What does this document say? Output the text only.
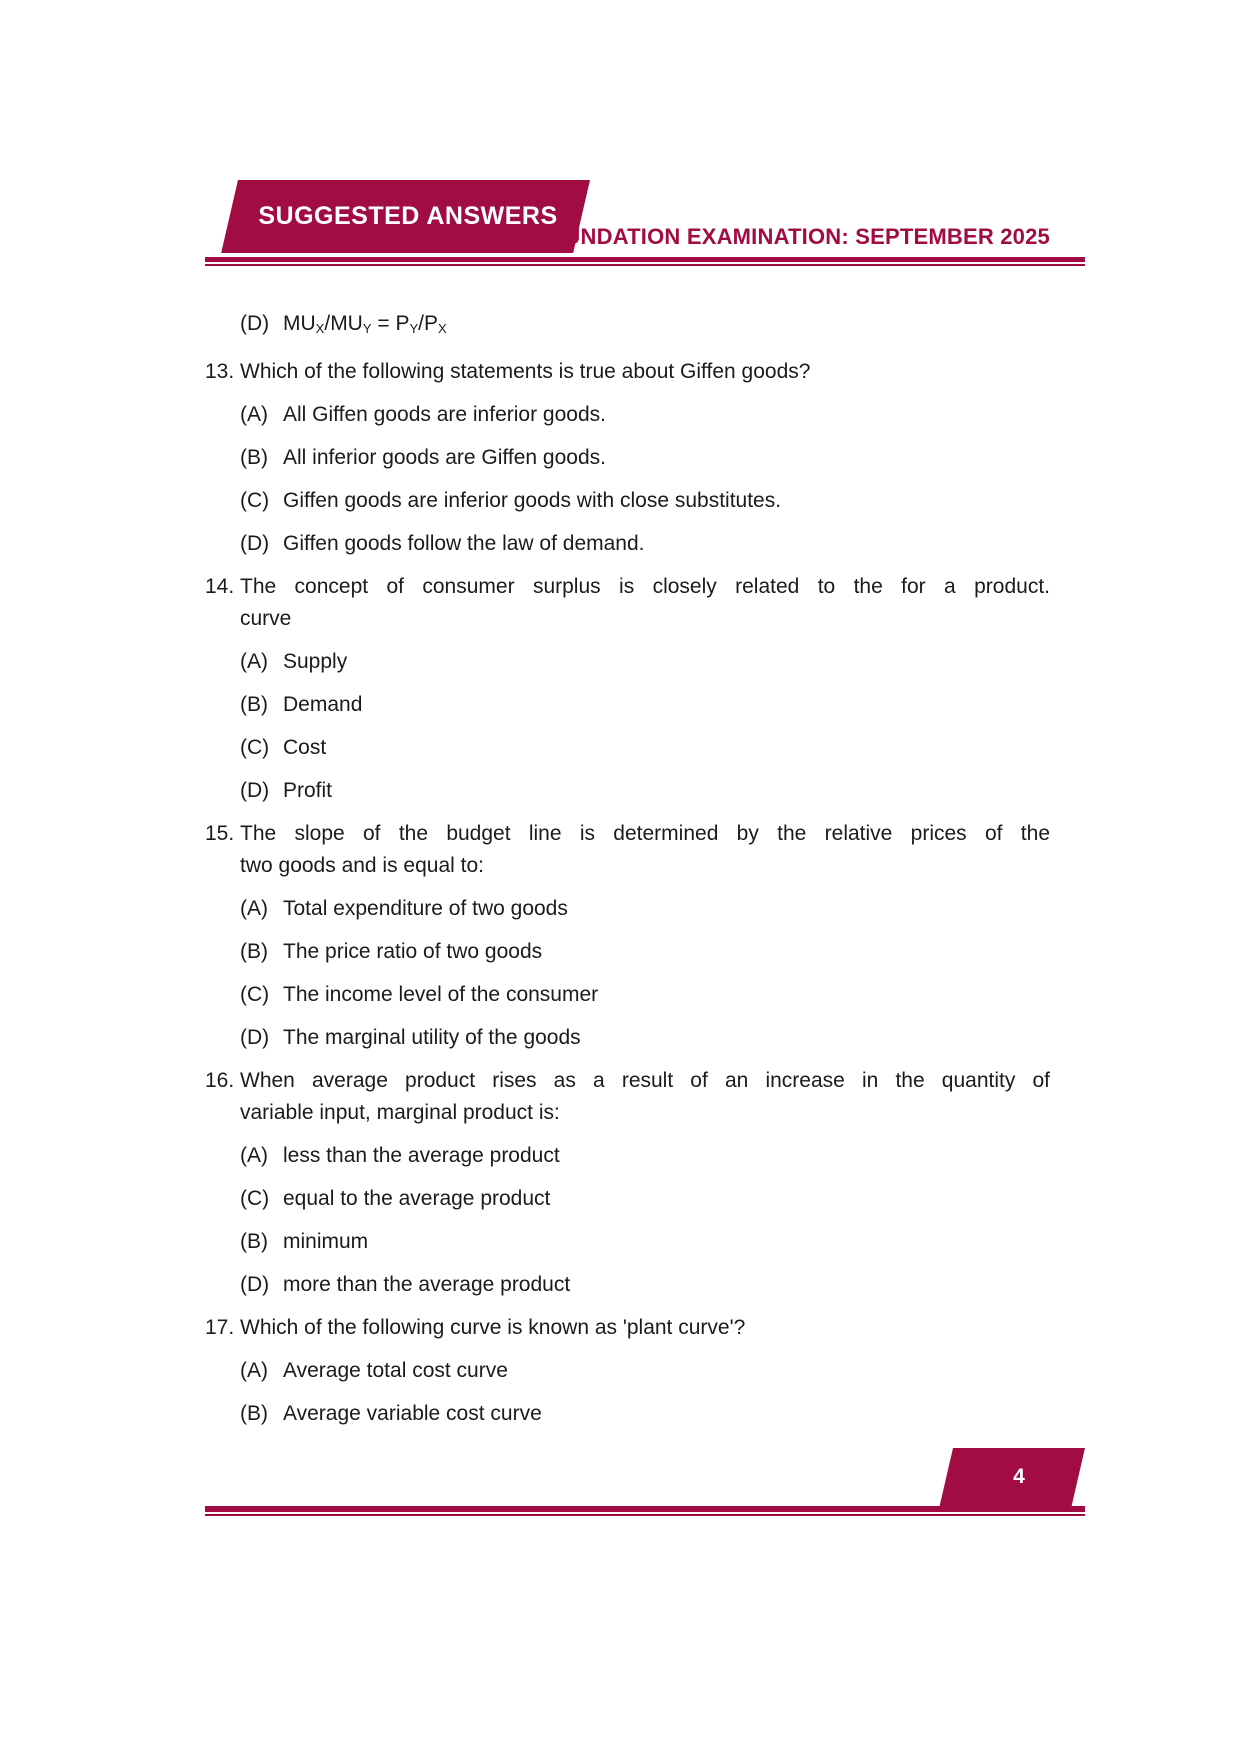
SUGGESTED ANSWERS
FOUNDATION EXAMINATION: SEPTEMBER 2025
(D) MUX/MUY = PY/PX
13. Which of the following statements is true about Giffen goods?
(A) All Giffen goods are inferior goods.
(B) All inferior goods are Giffen goods.
(C) Giffen goods are inferior goods with close substitutes.
(D) Giffen goods follow the law of demand.
14. The concept of consumer surplus is closely related to the for a product.
curve
(A) Supply
(B) Demand
(C) Cost
(D) Profit
15. The slope of the budget line is determined by the relative prices of the
two goods and is equal to:
(A) Total expenditure of two goods
(B) The price ratio of two goods
(C) The income level of the consumer
(D) The marginal utility of the goods
16. When average product rises as a result of an increase in the quantity of
variable input, marginal product is:
(A) less than the average product
(C) equal to the average product
(B) minimum
(D) more than the average product
17. Which of the following curve is known as 'plant curve'?
(A) Average total cost curve
(B) Average variable cost curve
4
